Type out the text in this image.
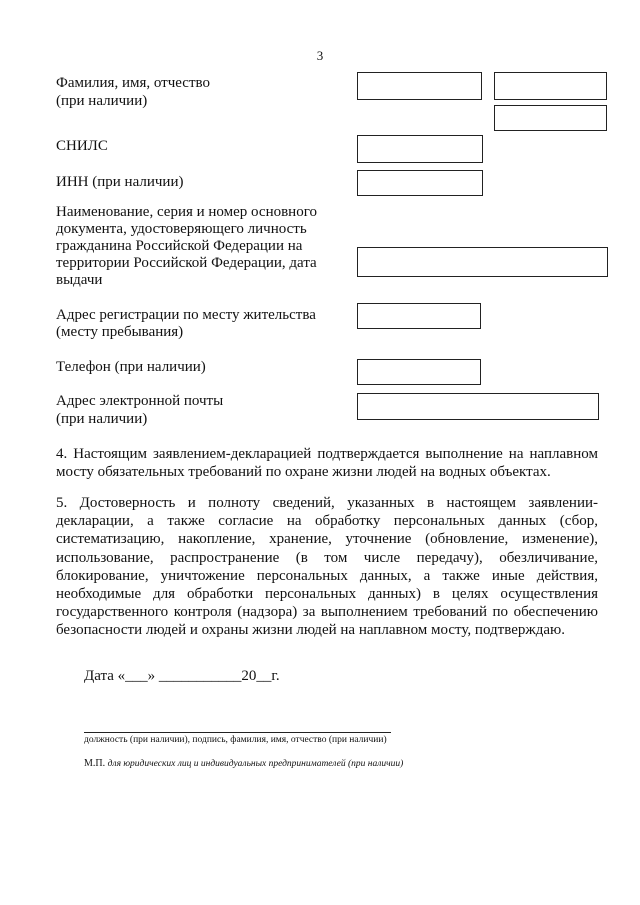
3
Фамилия, имя, отчество
(при наличии)
СНИЛС
ИНН (при наличии)
Наименование, серия и номер основного
документа, удостоверяющего личность
гражданина Российской Федерации на
территории Российской Федерации, дата
выдачи
Адрес регистрации по месту жительства
(месту пребывания)
Телефон (при наличии)
Адрес электронной почты
(при наличии)
4. Настоящим заявлением-декларацией подтверждается выполнение на наплавном мосту обязательных требований по охране жизни людей на водных объектах.
5. Достоверность и полноту сведений, указанных в настоящем заявлении-декларации, а также согласие на обработку персональных данных (сбор, систематизацию, накопление, хранение, уточнение (обновление, изменение), использование, распространение (в том числе передачу), обезличивание, блокирование, уничтожение персональных данных, а также иные действия, необходимые для обработки персональных данных) в целях осуществления государственного контроля (надзора) за выполнением требований по обеспечению безопасности людей и охраны жизни людей на наплавном мосту, подтверждаю.
Дата «___» ___________20__г.
должность (при наличии), подпись, фамилия, имя, отчество (при наличии)
М.П. для юридических лиц и индивидуальных предпринимателей (при наличии)
